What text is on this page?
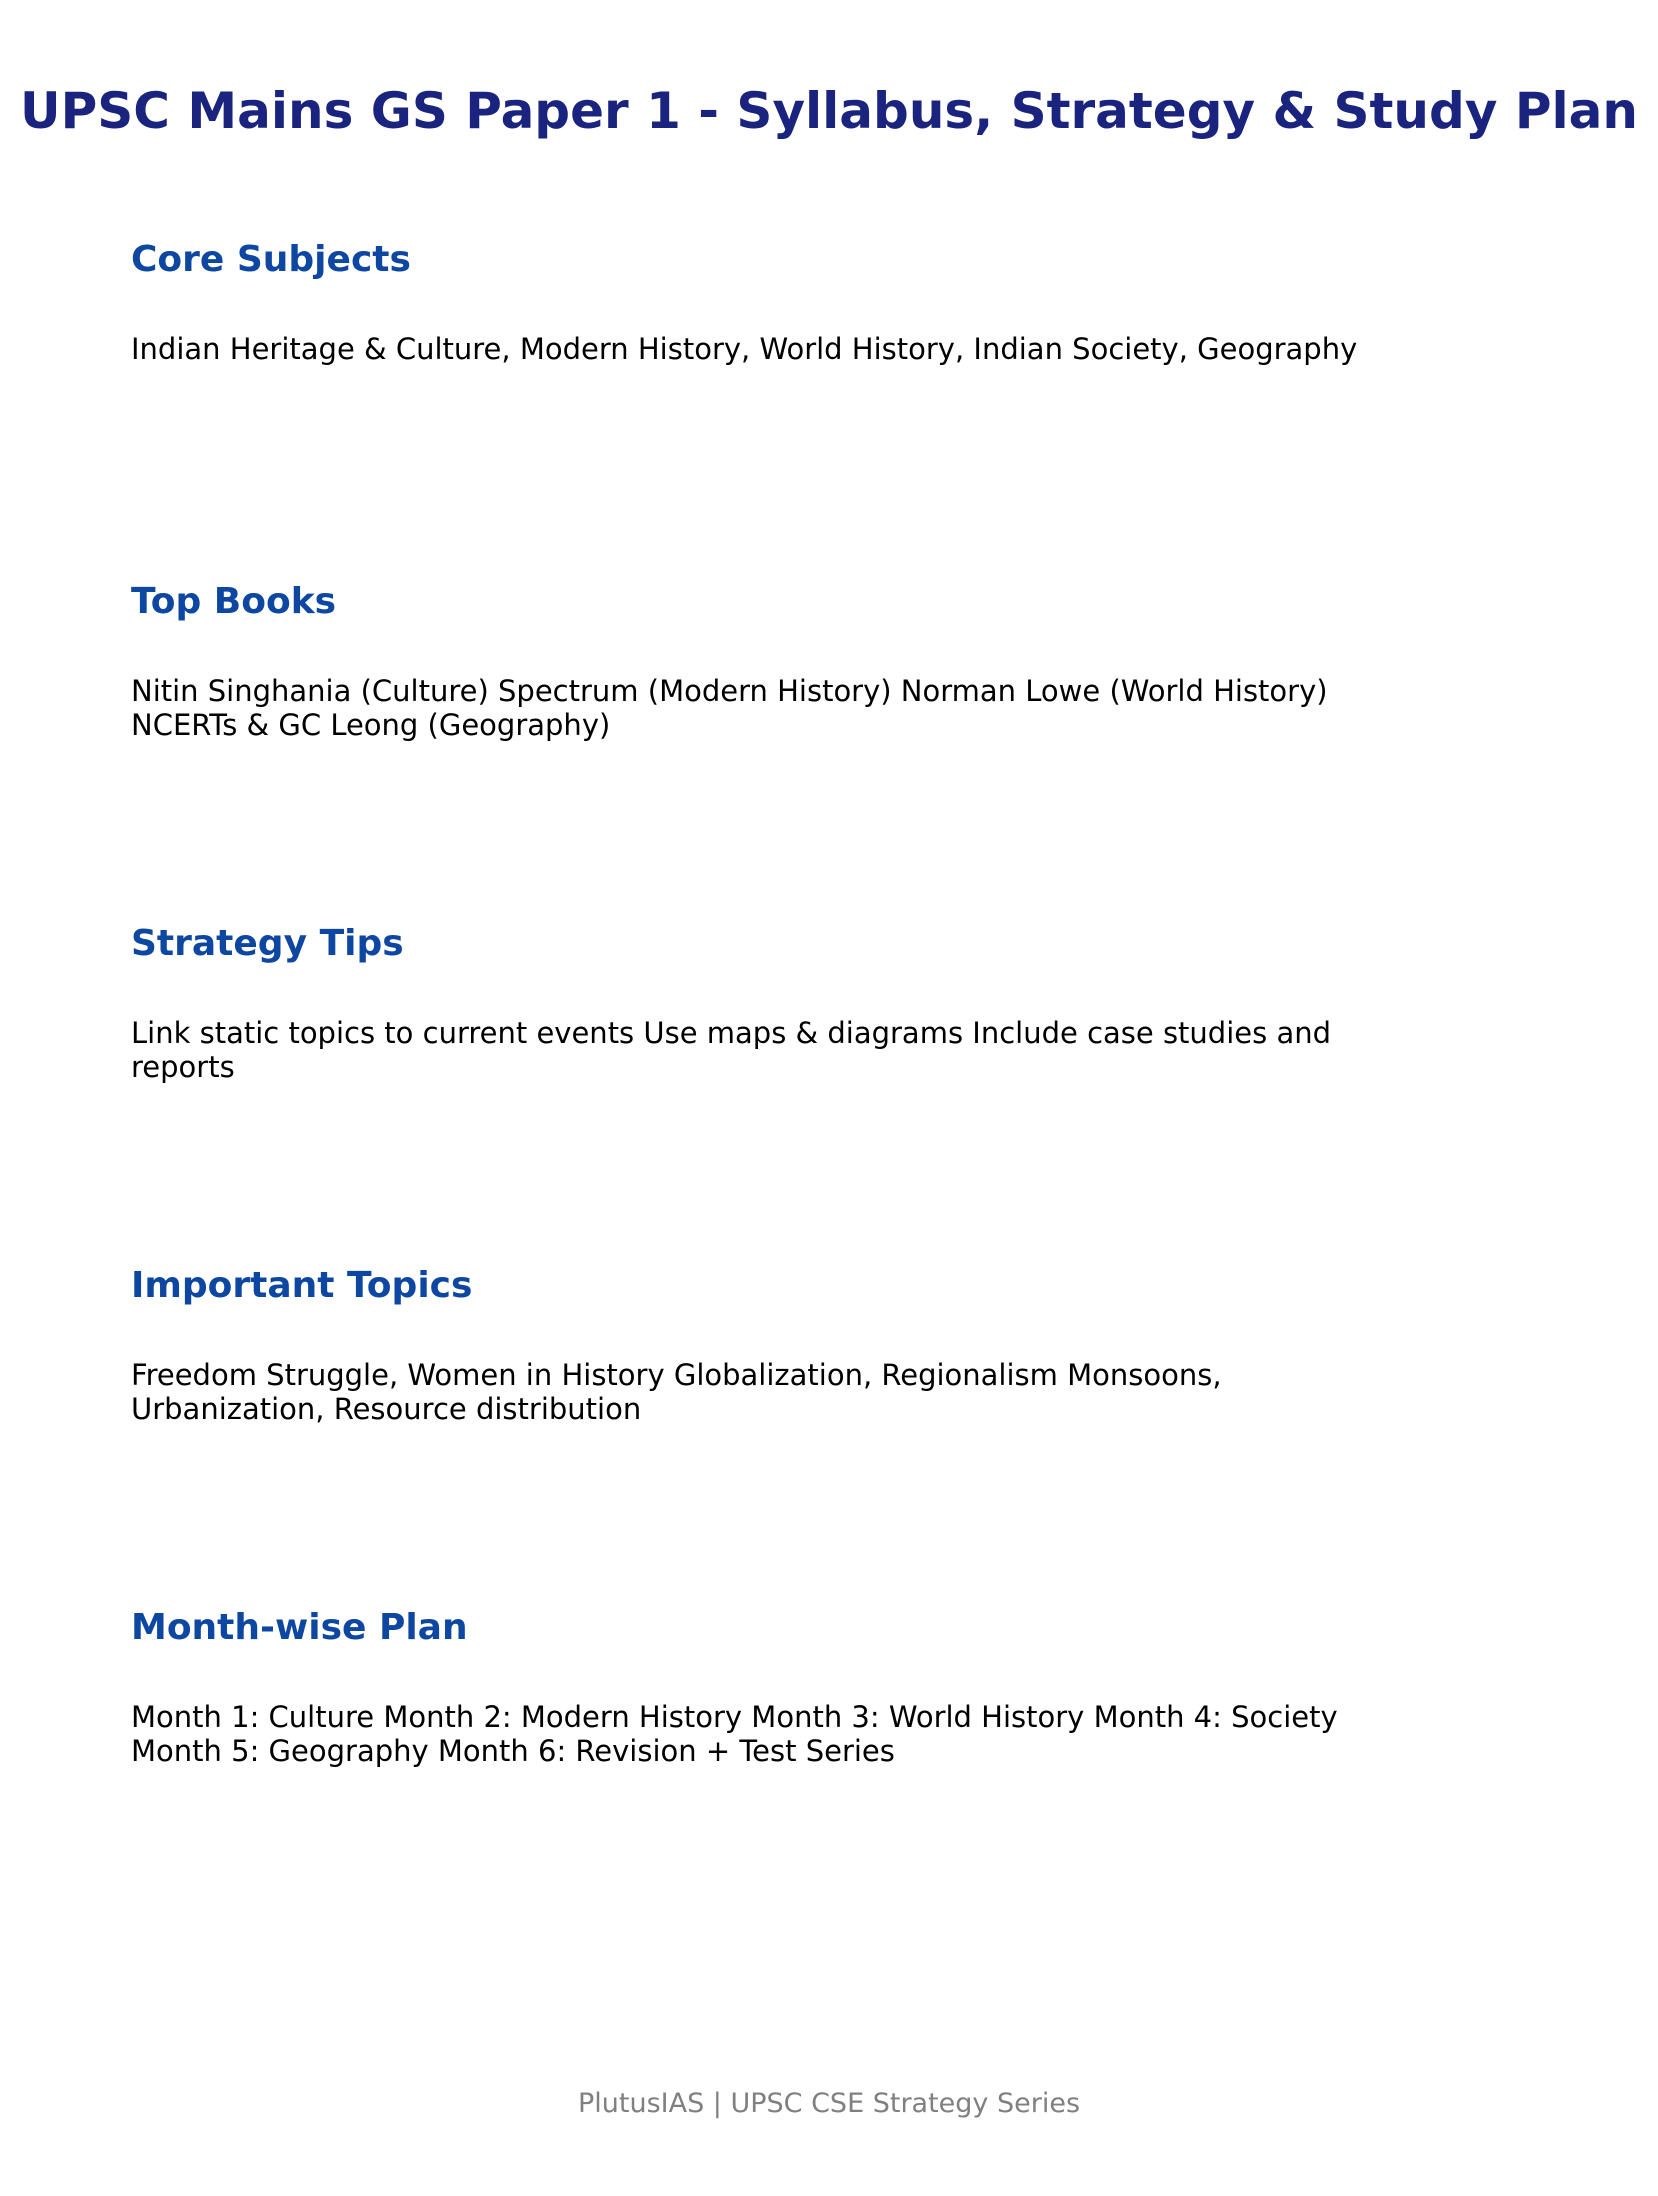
UPSC Mains GS Paper 1 - Syllabus, Strategy & Study Plan
Core Subjects

Indian Heritage & Culture, Modern History, World History, Indian Society, Geography

Top Books

Nitin Singhania (Culture) Spectrum (Modern History) Norman Lowe (World History) NCERTs & GC Leong (Geography)

Strategy Tips

Link static topics to current events Use maps & diagrams Include case studies and reports

Important Topics

Freedom Struggle, Women in History Globalization, Regionalism Monsoons, Urbanization, Resource distribution

Month-wise Plan

Month 1: Culture Month 2: Modern History Month 3: World History Month 4: Society Month 5: Geography Month 6: Revision + Test Series

PlutusIAS | UPSC CSE Strategy Series
